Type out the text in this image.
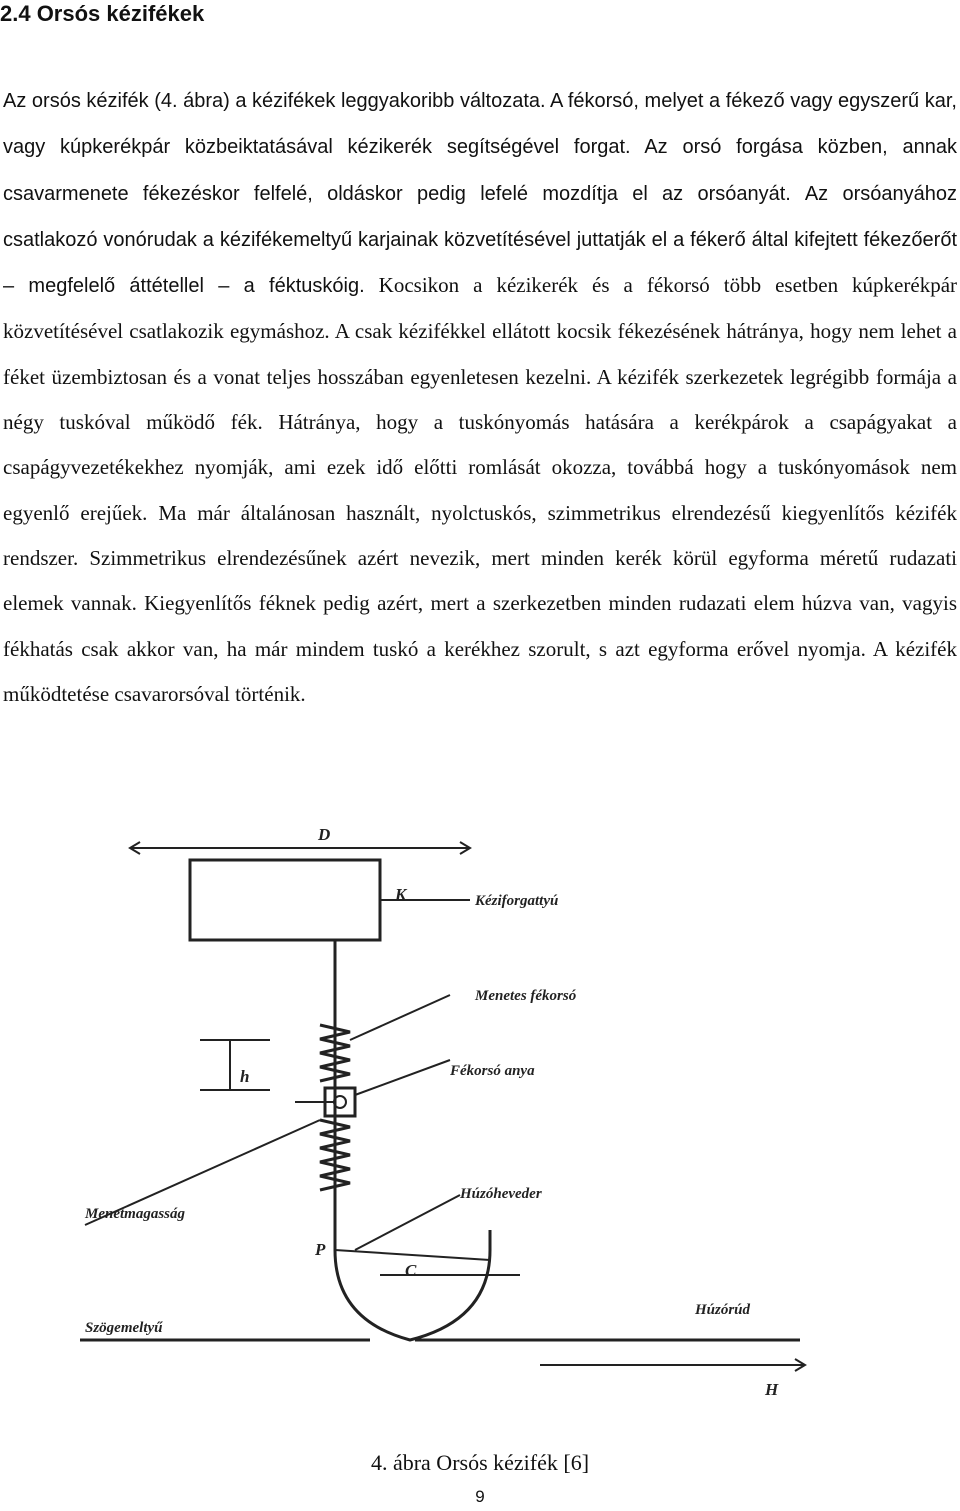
2.4 Orsós kézifékek

Az orsós kézifék (4. ábra) a kézifékek leggyakoribb változata. A fékorsó, melyet a fékező vagy egyszerű kar, vagy kúpkerékpár közbeiktatásával kézikerék segítségével forgat. Az orsó forgása közben, annak csavarmenete fékezéskor felfelé, oldáskor pedig lefelé mozdítja el az orsóanyát. Az orsóanyához csatlakozó vonórudak a kézifékemeltyű karjainak közvetítésével juttatják el a fékerő által kifejtett fékezőerőt – megfelelő áttétellel – a féktuskóig. Kocsikon a kézikerék és a fékorsó több esetben kúpkerékpár közvetítésével csatlakozik egymáshoz. A csak kézifékkel ellátott kocsik fékezésének hátránya, hogy nem lehet a féket üzembiztosan és a vonat teljes hosszában egyenletesen kezelni. A kézifék szerkezetek legrégibb formája a négy tuskóval működő fék. Hátránya, hogy a tuskónyomás hatására a kerékpárok a csapágyakat a csapágyvezetékekhez nyomják, ami ezek idő előtti romlását okozza, továbbá hogy a tuskónyomások nem egyenlő erejűek. Ma már általánosan használt, nyolctuskós, szimmetrikus elrendezésű kiegyenlítős kézifék rendszer. Szimmetrikus elrendezésűnek azért nevezik, mert minden kerék körül egyforma méretű rudazati elemek vannak. Kiegyenlítős féknek pedig azért, mert a szerkezetben minden rudazati elem húzva van, vagyis fékhatás csak akkor van, ha már mindem tuskó a kerékhez szorult, s azt egyforma erővel nyomja. A kézifék működtetése csavarorsóval történik.

D
K
h
P
C
H
Kéziforgattyú
Menetes fékorsó
Fékorsó anya
Húzóheveder
Menetmagasság
Szögemeltyű
Húzórúd
4. ábra Orsós kézifék [6]
9
